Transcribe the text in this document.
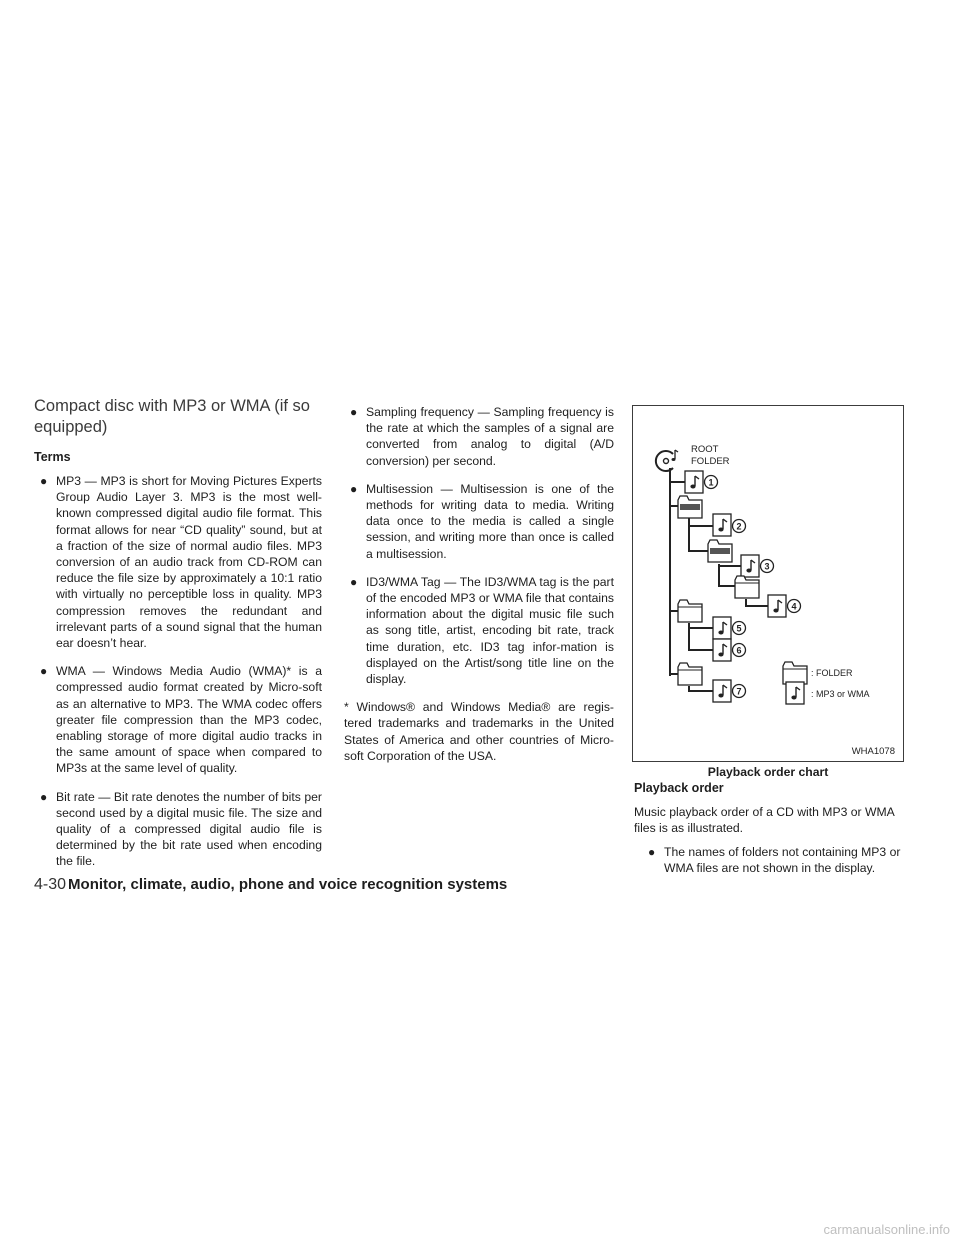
Compact disc with MP3 or WMA (if so equipped)
Terms
● MP3 — MP3 is short for Moving Pictures Experts Group Audio Layer 3. MP3 is the most well-known compressed digital audio file format. This format allows for near “CD quality” sound, but at a fraction of the size of normal audio files. MP3 conversion of an audio track from CD-ROM can reduce the file size by approximately a 10:1 ratio with virtually no perceptible loss in quality. MP3 compression removes the redundant and irrelevant parts of a sound signal that the human ear doesn’t hear.

● WMA — Windows Media Audio (WMA)* is a compressed audio format created by Micro-soft as an alternative to MP3. The WMA codec offers greater file compression than the MP3 codec, enabling storage of more digital audio tracks in the same amount of space when compared to MP3s at the same level of quality.

● Bit rate — Bit rate denotes the number of bits per second used by a digital music file. The size and quality of a compressed digital audio file is determined by the bit rate used when encoding the file.

● Sampling frequency — Sampling frequency is the rate at which the samples of a signal are converted from analog to digital (A/D conversion) per second.

● Multisession — Multisession is one of the methods for writing data to media. Writing data once to the media is called a single session, and writing more than once is called a multisession.

● ID3/WMA Tag — The ID3/WMA tag is the part of the encoded MP3 or WMA file that contains information about the digital music file such as song title, artist, encoding bit rate, track time duration, etc. ID3 tag infor-mation is displayed on the Artist/song title line on the display.

* Windows® and Windows Media® are regis-tered trademarks and trademarks in the United States of America and other countries of Micro-soft Corporation of the USA.

ROOT
FOLDER
1
2
3
4
5
6
7
: FOLDER
: MP3 or WMA
WHA1078

Playback order chart

Playback order

Music playback order of a CD with MP3 or WMA files is as illustrated.

● The names of folders not containing MP3 or WMA files are not shown in the display.

4-30 Monitor, climate, audio, phone and voice recognition systems

carmanualsonline.info
